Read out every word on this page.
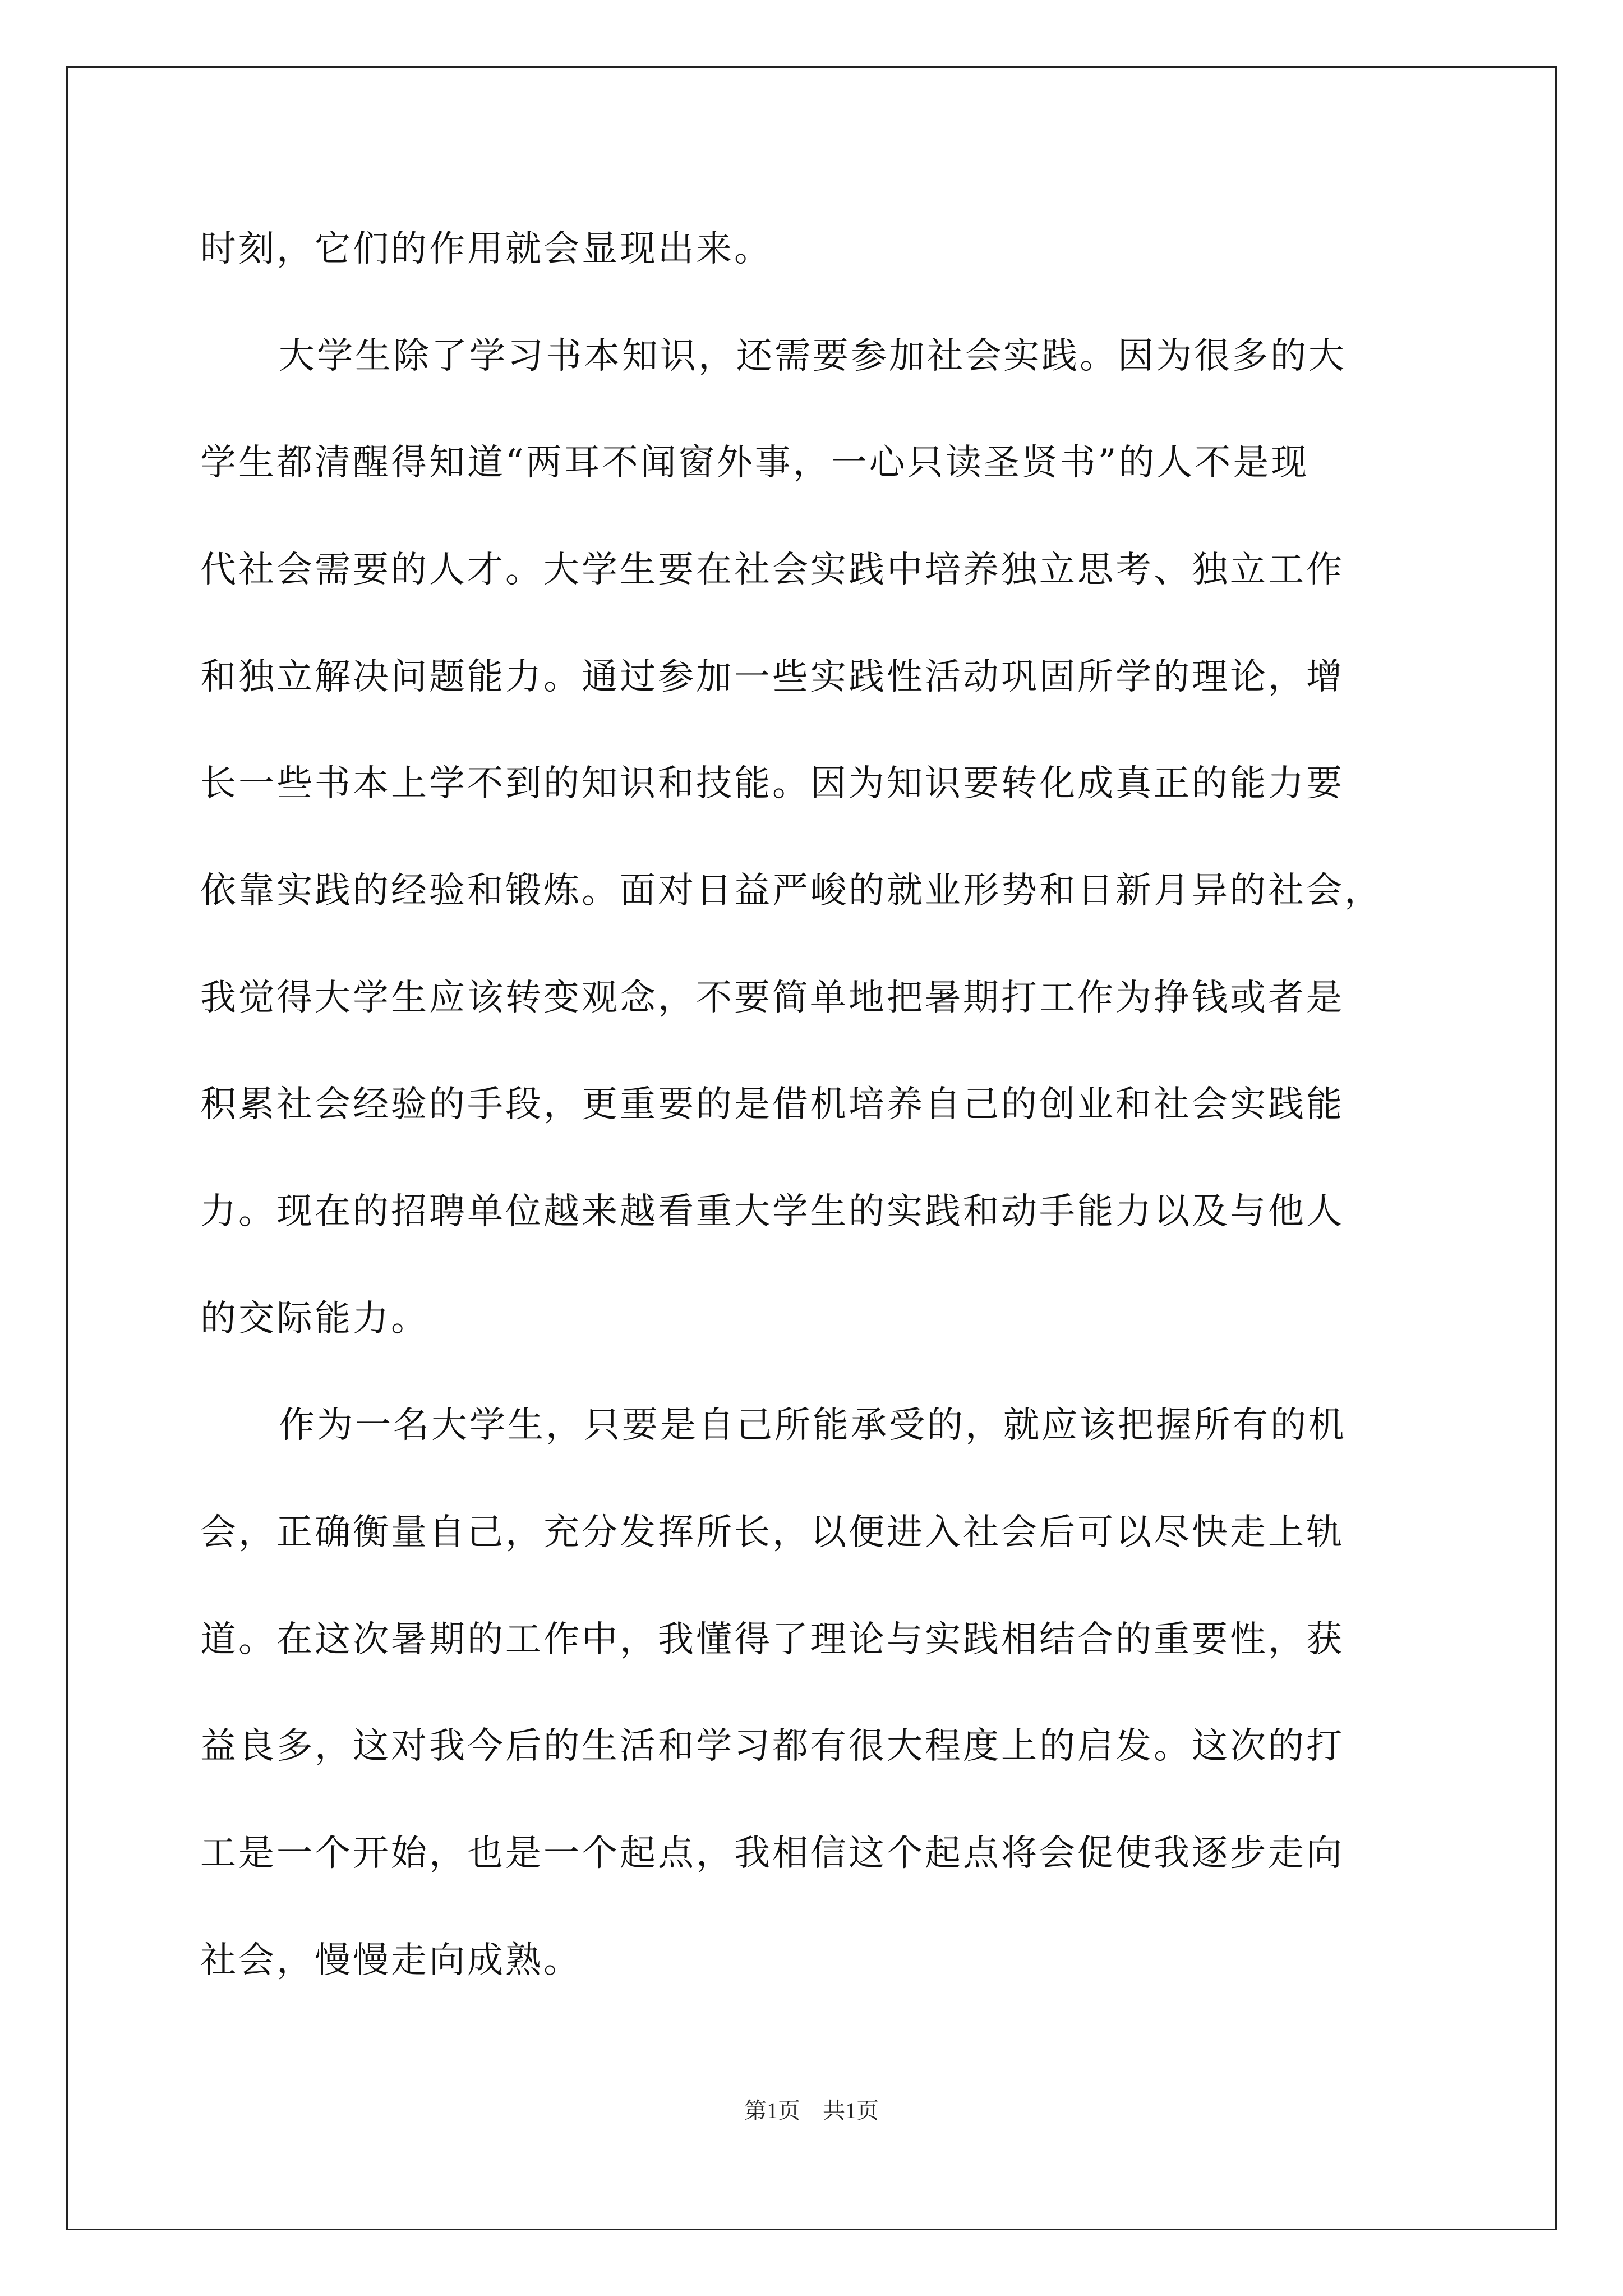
时刻，它们的作用就会显现出来。
大学生除了学习书本知识，还需要参加社会实践。因为很多的大
学生都清醒得知道“两耳不闻窗外事，一心只读圣贤书”的人不是现
代社会需要的人才。大学生要在社会实践中培养独立思考、独立工作
和独立解决问题能力。通过参加一些实践性活动巩固所学的理论，增
长一些书本上学不到的知识和技能。因为知识要转化成真正的能力要
依靠实践的经验和锻炼。面对日益严峻的就业形势和日新月异的社会，
我觉得大学生应该转变观念，不要简单地把暑期打工作为挣钱或者是
积累社会经验的手段，更重要的是借机培养自己的创业和社会实践能
力。现在的招聘单位越来越看重大学生的实践和动手能力以及与他人
的交际能力。
作为一名大学生，只要是自己所能承受的，就应该把握所有的机
会，正确衡量自己，充分发挥所长，以便进入社会后可以尽快走上轨
道。在这次暑期的工作中，我懂得了理论与实践相结合的重要性，获
益良多，这对我今后的生活和学习都有很大程度上的启发。这次的打
工是一个开始，也是一个起点，我相信这个起点将会促使我逐步走向
社会，慢慢走向成熟。
第1页　共1页
